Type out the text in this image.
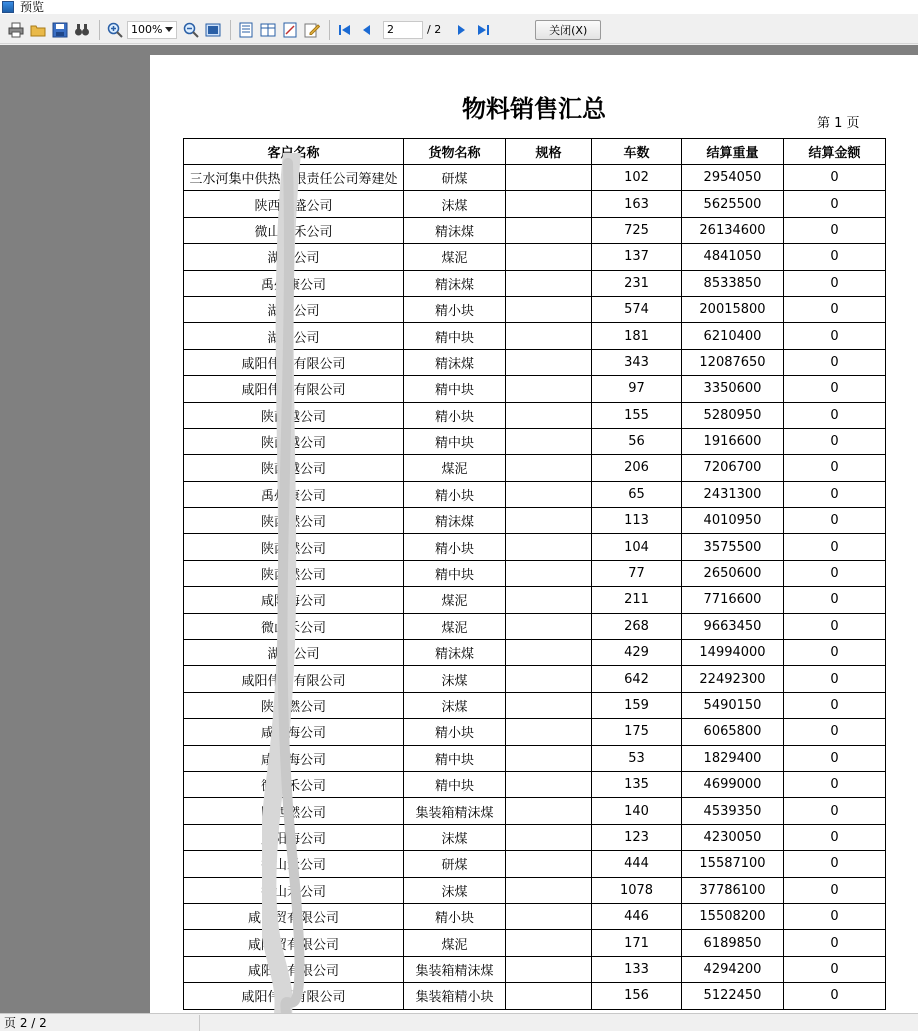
预览
100%	2	/ 2	关闭(X)
物料销售汇总
第 1 页
客户名称	货物名称	规格	车数	结算重量	结算金额
三水河集中供热有限责任公司筹建处	研煤		102	2954050	0
陕西鑫盛公司	沫煤		163	5625500	0
微山县禾公司	精沫煤		725	26134600	0
湖北公司	煤泥		137	4841050	0
禹州康公司	精沫煤		231	8533850	0
湖北公司	精小块		574	20015800	0
湖北公司	精中块		181	6210400	0
咸阳伟贸有限公司	精沫煤		343	12087650	0
咸阳伟贸有限公司	精中块		97	3350600	0
陕西越公司	精小块		155	5280950	0
陕西越公司	精中块		56	1916600	0
陕西越公司	煤泥		206	7206700	0
禹州康公司	精小块		65	2431300	0
陕西燃公司	精沫煤		113	4010950	0
陕西燃公司	精小块		104	3575500	0
陕西燃公司	精中块		77	2650600	0
咸阳海公司	煤泥		211	7716600	0
微山禾公司	煤泥		268	9663450	0
湖北公司	精沫煤		429	14994000	0
咸阳伟贸有限公司	沫煤		642	22492300	0
陕西燃公司	沫煤		159	5490150	0
咸阳海公司	精小块		175	6065800	0
咸阳海公司	精中块		53	1829400	0
微山禾公司	精中块		135	4699000	0
陕西燃公司	集装箱精沫煤		140	4539350	0
咸阳海公司	沫煤		123	4230050	0
微山禾公司	研煤		444	15587100	0
微山禾公司	沫煤		1078	37786100	0
咸阳贸有限公司	精小块		446	15508200	0
咸阳贸有限公司	煤泥		171	6189850	0
咸阳贸有限公司	集装箱精沫煤		133	4294200	0
咸阳伟贸有限公司	集装箱精小块		156	5122450	0
页 2 / 2
